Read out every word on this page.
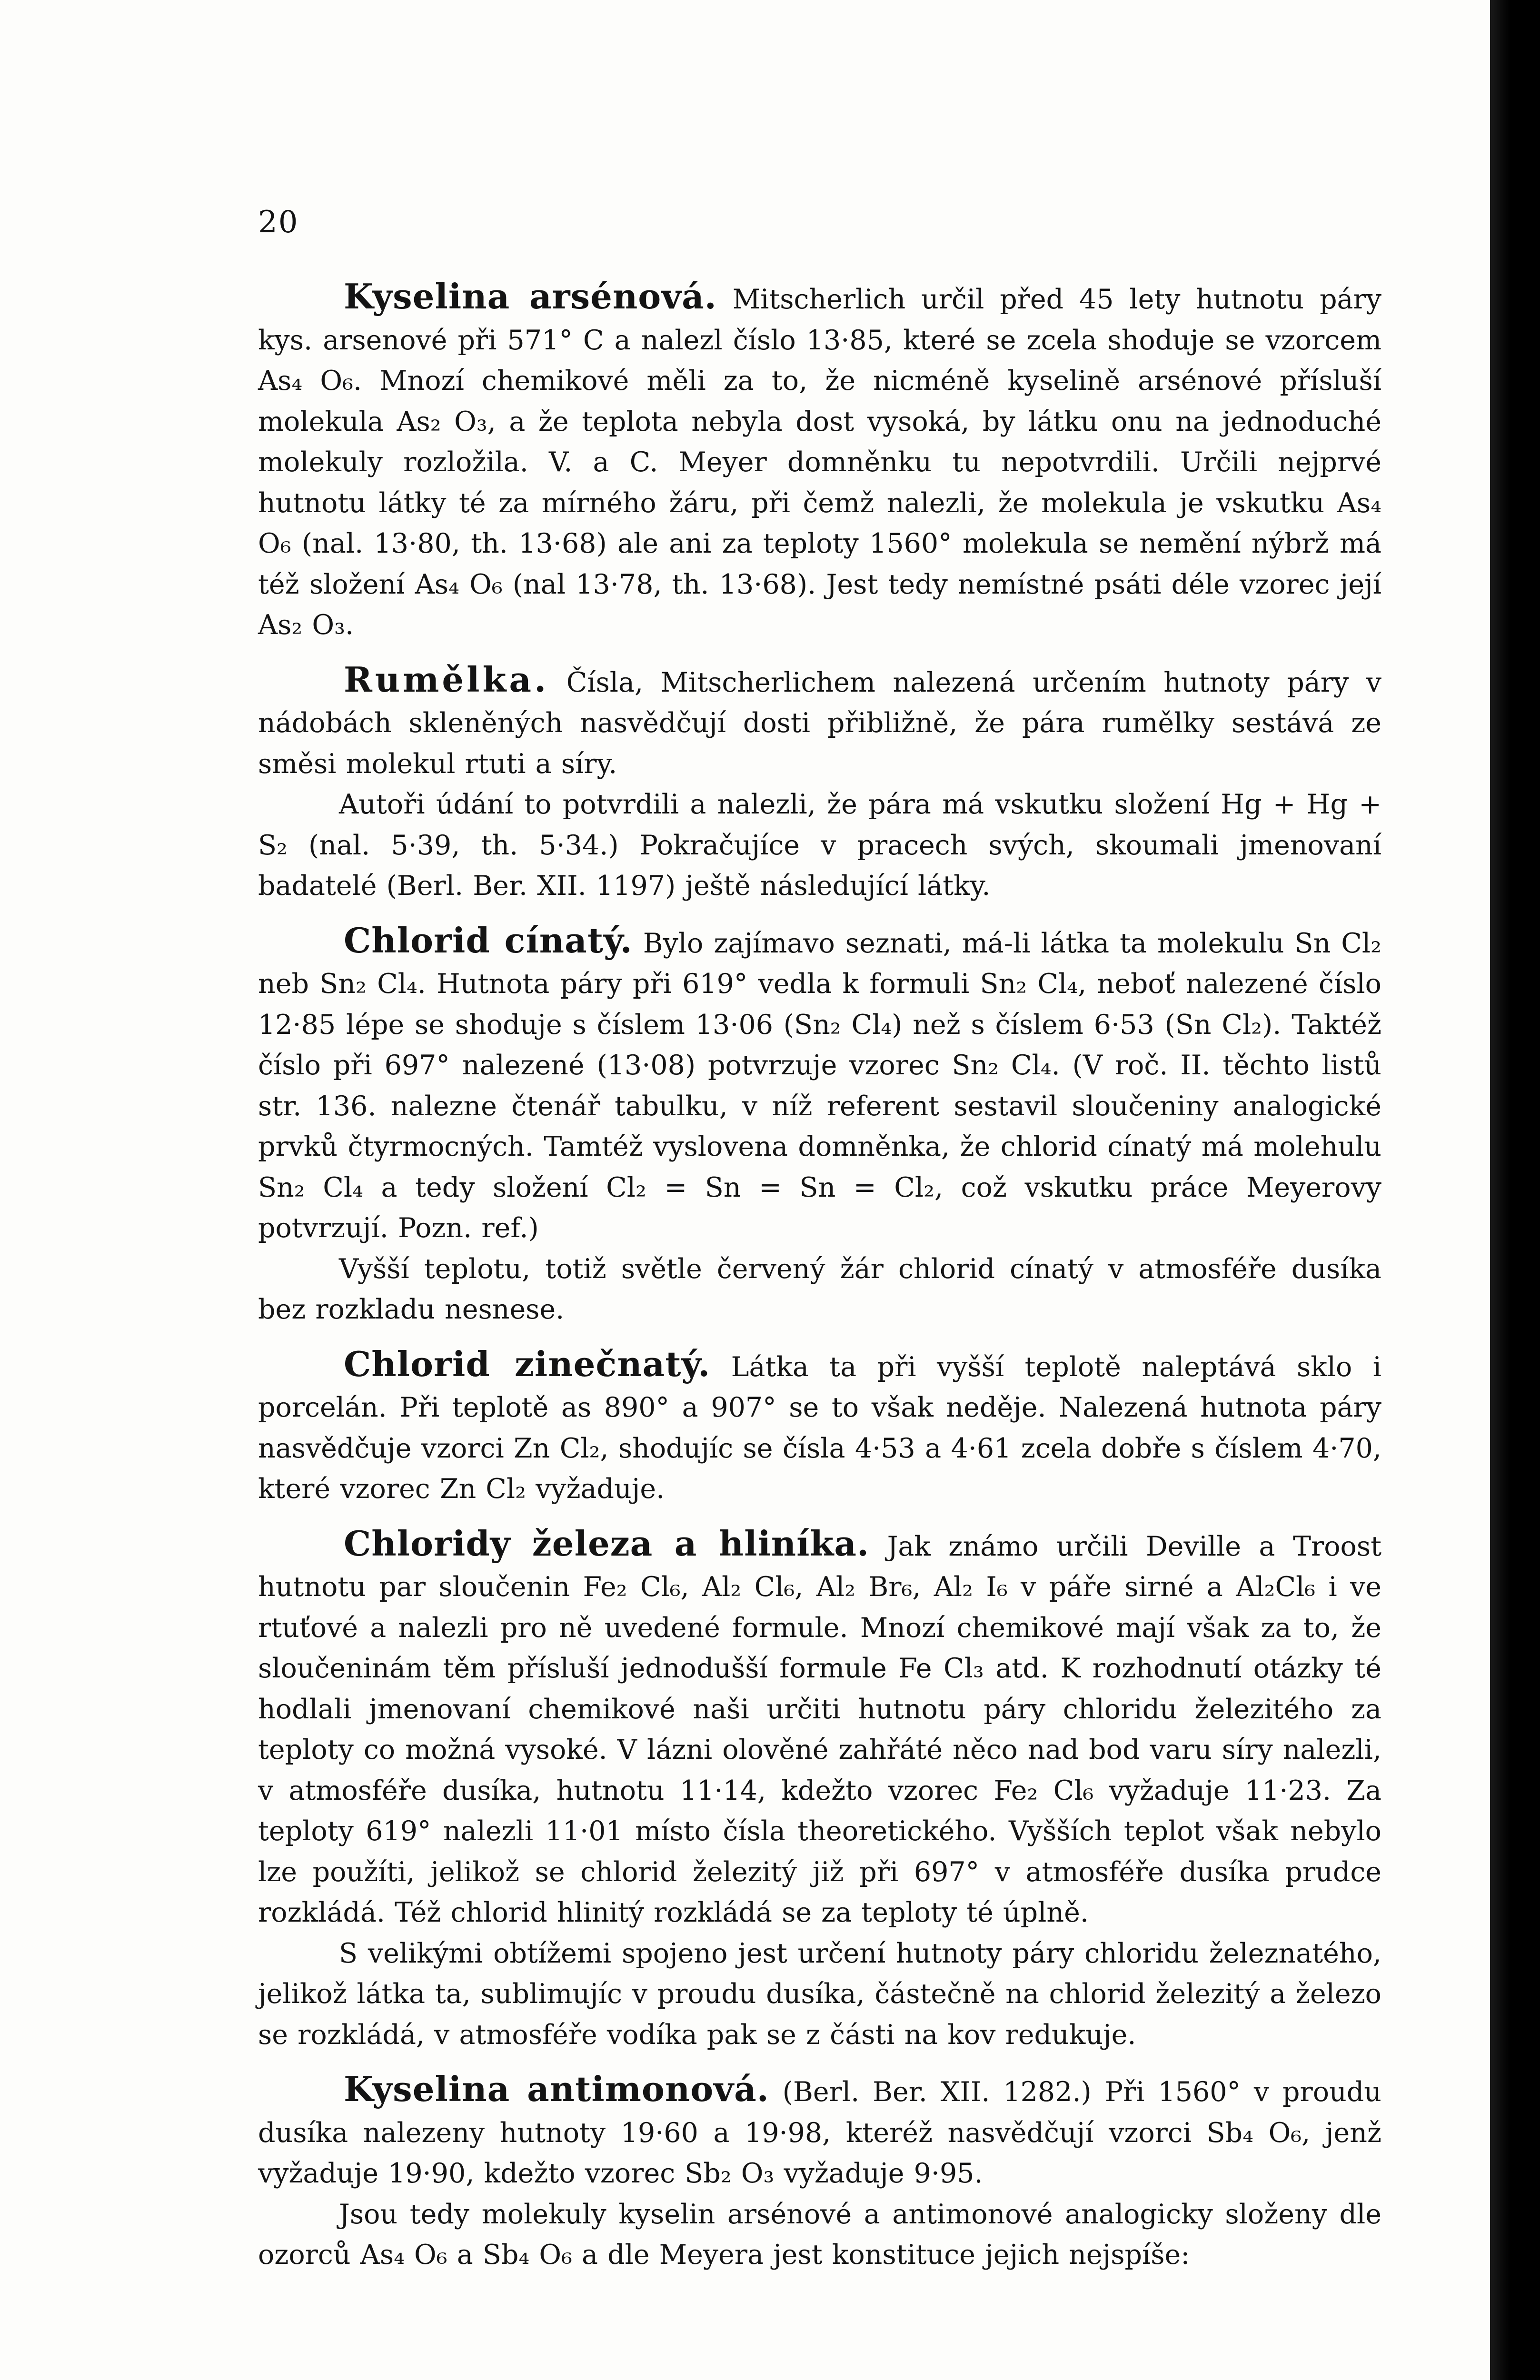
20

Kyselina arsénová. Mitscherlich určil před 45 lety hutnotu páry kys. arsenové při 571° C a nalezl číslo 13·85, které se zcela shoduje se vzorcem As₄ O₆. Mnozí chemikové měli za to, že nicméně kyselině arsénové přísluší molekula As₂ O₃, a že teplota nebyla dost vysoká, by látku onu na jednoduché molekuly rozložila. V. a C. Meyer domněnku tu nepotvrdili. Určili nejprvé hutnotu látky té za mírného žáru, při čemž nalezli, že molekula je vskutku As₄ O₆ (nal. 13·80, th. 13·68) ale ani za teploty 1560° molekula se nemění nýbrž má též složení As₄ O₆ (nal 13·78, th. 13·68). Jest tedy nemístné psáti déle vzorec její As₂ O₃.

Rumělka. Čísla, Mitscherlichem nalezená určením hutnoty páry v nádobách skleněných nasvědčují dosti přibližně, že pára rumělky sestává ze směsi molekul rtuti a síry.

Autoři údání to potvrdili a nalezli, že pára má vskutku složení Hg + Hg + S₂ (nal. 5·39, th. 5·34.) Pokračujíce v pracech svých, skoumali jmenovaní badatelé (Berl. Ber. XII. 1197) ještě následující látky.

Chlorid cínatý. Bylo zajímavo seznati, má-li látka ta molekulu Sn Cl₂ neb Sn₂ Cl₄. Hutnota páry při 619° vedla k formuli Sn₂ Cl₄, neboť nalezené číslo 12·85 lépe se shoduje s číslem 13·06 (Sn₂ Cl₄) než s číslem 6·53 (Sn Cl₂). Taktéž číslo při 697° nalezené (13·08) potvrzuje vzorec Sn₂ Cl₄. (V roč. II. těchto listů str. 136. nalezne čtenář tabulku, v níž referent sestavil sloučeniny analogické prvků čtyrmocných. Tamtéž vyslovena domněnka, že chlorid cínatý má molehulu Sn₂ Cl₄ a tedy složení Cl₂ = Sn = Sn = Cl₂, což vskutku práce Meyerovy potvrzují. Pozn. ref.)

Vyšší teplotu, totiž světle červený žár chlorid cínatý v atmosféře dusíka bez rozkladu nesnese.

Chlorid zinečnatý. Látka ta při vyšší teplotě naleptává sklo i porcelán. Při teplotě as 890° a 907° se to však neděje. Nalezená hutnota páry nasvědčuje vzorci Zn Cl₂, shodujíc se čísla 4·53 a 4·61 zcela dobře s číslem 4·70, které vzorec Zn Cl₂ vyžaduje.

Chloridy železa a hliníka. Jak známo určili Deville a Troost hutnotu par sloučenin Fe₂ Cl₆, Al₂ Cl₆, Al₂ Br₆, Al₂ I₆ v páře sirné a Al₂Cl₆ i ve rtuťové a nalezli pro ně uvedené formule. Mnozí chemikové mají však za to, že sloučeninám těm přísluší jednodušší formule Fe Cl₃ atd. K rozhodnutí otázky té hodlali jmenovaní chemikové naši určiti hutnotu páry chloridu železitého za teploty co možná vysoké. V lázni olověné zahřáté něco nad bod varu síry nalezli, v atmosféře dusíka, hutnotu 11·14, kdežto vzorec Fe₂ Cl₆ vyžaduje 11·23. Za teploty 619° nalezli 11·01 místo čísla theoretického. Vyšších teplot však nebylo lze použíti, jelikož se chlorid železitý již při 697° v atmosféře dusíka prudce rozkládá. Též chlorid hlinitý rozkládá se za teploty té úplně.

S velikými obtížemi spojeno jest určení hutnoty páry chloridu železnatého, jelikož látka ta, sublimujíc v proudu dusíka, částečně na chlorid železitý a železo se rozkládá, v atmosféře vodíka pak se z části na kov redukuje.

Kyselina antimonová. (Berl. Ber. XII. 1282.) Při 1560° v proudu dusíka nalezeny hutnoty 19·60 a 19·98, kteréž nasvědčují vzorci Sb₄ O₆, jenž vyžaduje 19·90, kdežto vzorec Sb₂ O₃ vyžaduje 9·95.

Jsou tedy molekuly kyselin arsénové a antimonové analogicky složeny dle ozorců As₄ O₆ a Sb₄ O₆ a dle Meyera jest konstituce jejich nejspíše:
